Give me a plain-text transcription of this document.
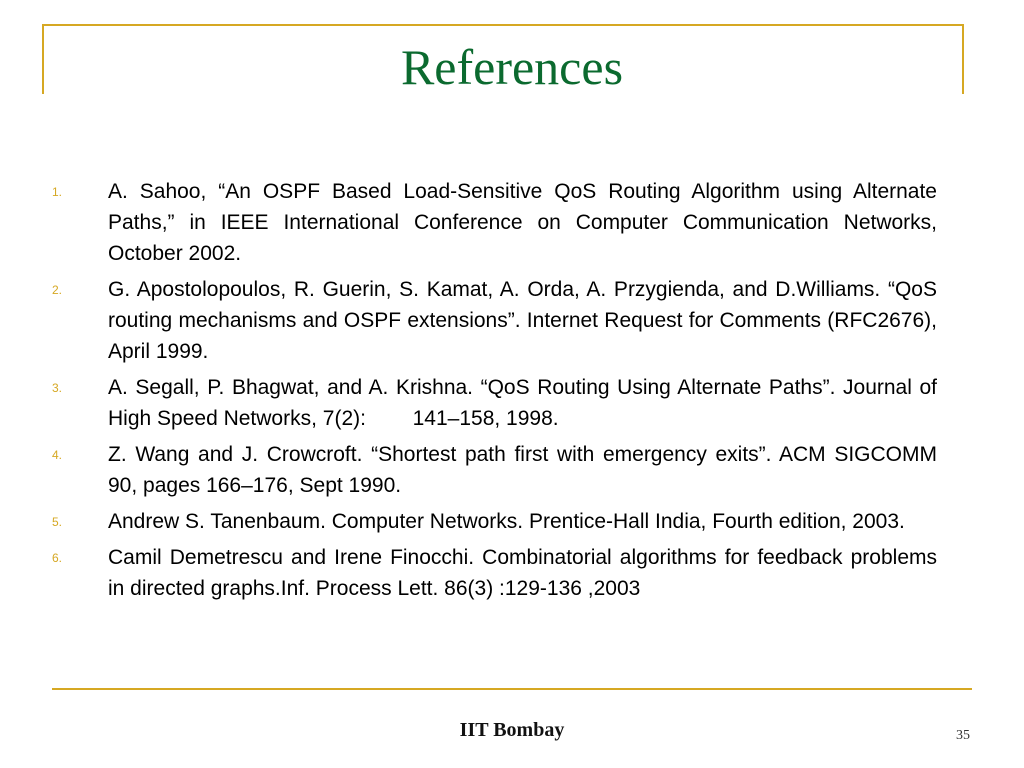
References
1.	A. Sahoo, “An OSPF Based Load-Sensitive QoS Routing Algorithm using Alternate Paths,” in IEEE International Conference on Computer Communication Networks, October 2002.
2.	G. Apostolopoulos, R. Guerin, S. Kamat, A. Orda, A. Przygienda, and D.Williams. “QoS routing mechanisms and OSPF extensions”. Internet Request for Comments (RFC2676), April 1999.
3.	A. Segall, P. Bhagwat, and A. Krishna. “QoS Routing Using Alternate Paths”. Journal of High Speed Networks, 7(2):        141–158, 1998.
4.	Z. Wang and J. Crowcroft. “Shortest path first with emergency exits”. ACM SIGCOMM 90, pages 166–176, Sept 1990.
5.	Andrew S. Tanenbaum. Computer Networks. Prentice-Hall India, Fourth edition, 2003.
6.	Camil Demetrescu and Irene Finocchi. Combinatorial algorithms for feedback problems in directed graphs.Inf. Process Lett. 86(3) :129-136 ,2003
IIT Bombay	35
